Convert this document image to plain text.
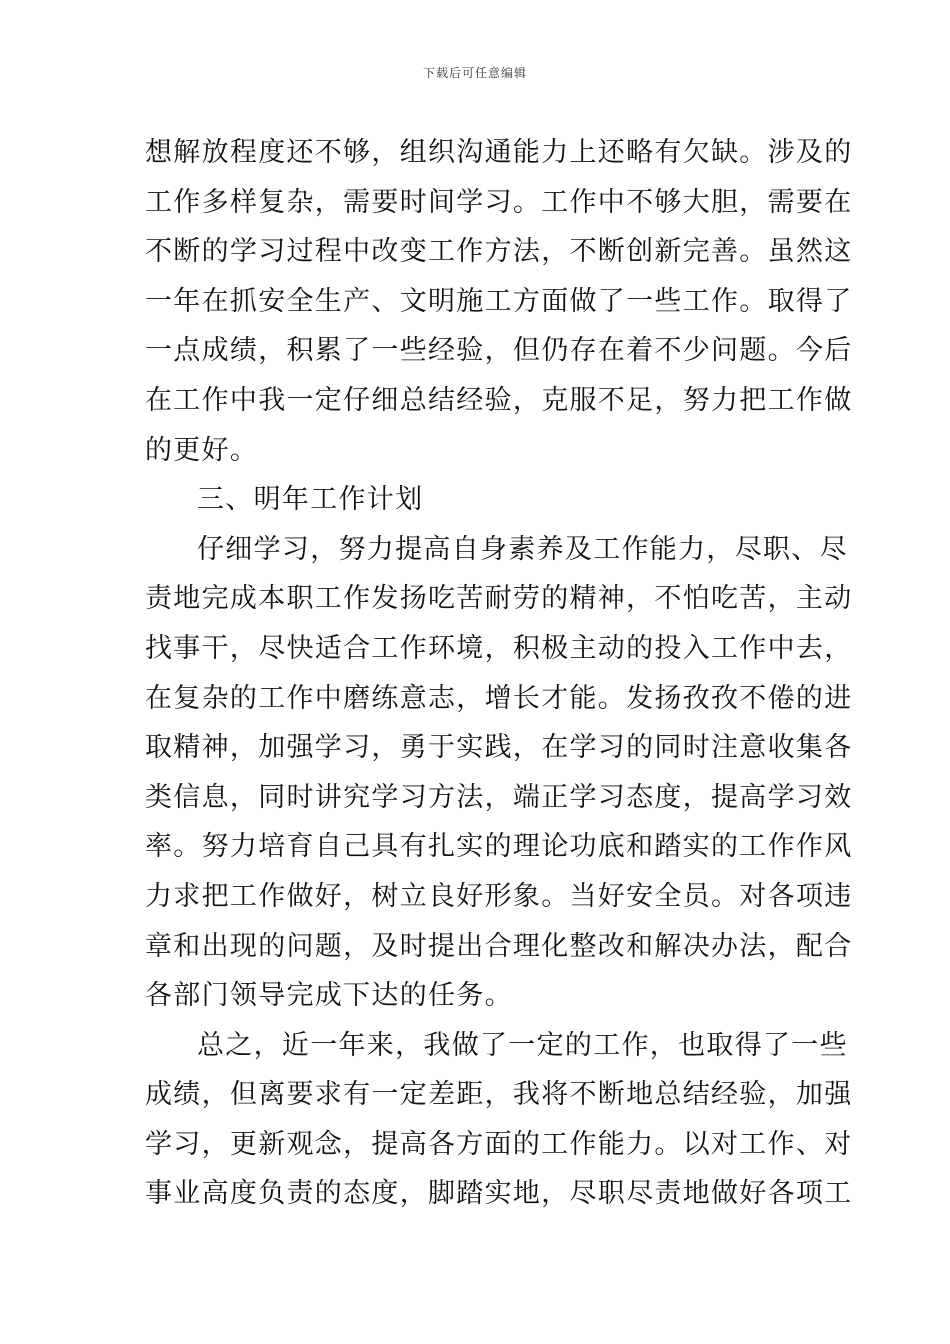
下载后可任意编辑
想解放程度还不够，组织沟通能力上还略有欠缺。涉及的
工作多样复杂，需要时间学习。工作中不够大胆，需要在
不断的学习过程中改变工作方法，不断创新完善。虽然这
一年在抓安全生产、文明施工方面做了一些工作。取得了
一点成绩，积累了一些经验，但仍存在着不少问题。今后
在工作中我一定仔细总结经验，克服不足，努力把工作做
的更好。
三、明年工作计划
仔细学习，努力提高自身素养及工作能力，尽职、尽
责地完成本职工作发扬吃苦耐劳的精神，不怕吃苦，主动
找事干，尽快适合工作环境，积极主动的投入工作中去，
在复杂的工作中磨练意志，增长才能。发扬孜孜不倦的进
取精神，加强学习，勇于实践，在学习的同时注意收集各
类信息，同时讲究学习方法，端正学习态度，提高学习效
率。努力培育自己具有扎实的理论功底和踏实的工作作风
力求把工作做好，树立良好形象。当好安全员。对各项违
章和出现的问题，及时提出合理化整改和解决办法，配合
各部门领导完成下达的任务。
总之，近一年来，我做了一定的工作，也取得了一些
成绩，但离要求有一定差距，我将不断地总结经验，加强
学习，更新观念，提高各方面的工作能力。以对工作、对
事业高度负责的态度，脚踏实地，尽职尽责地做好各项工
